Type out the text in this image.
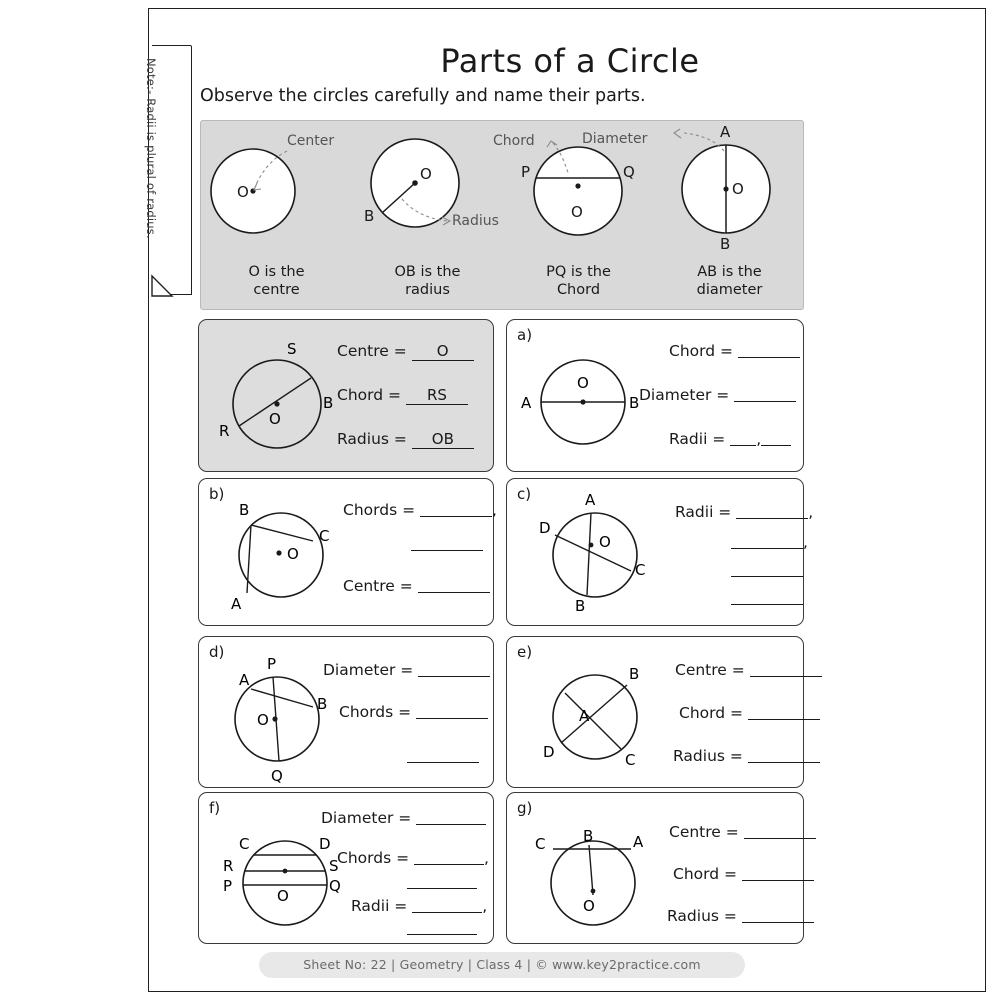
Note:- Radii is plural of radius.	Parts of a Circle
Observe the circles carefully and name their parts.
O
Center
O is the
centre
O
B	Radius
OB is the
radius
P	Q
O
Chord
PQ is the
Chord
O
A
B
Diameter
AB is the
diameter
S
R
B
O
Centre = O
Chord = RS
Radius = OB
a)
A	B
O
Chord =
Diameter =
Radii = ,
b)
O
B
C
A
Chords =	,
Centre =
c)	A
D
C
B
O
Radii =	,
,
d)
P
A
B
O
Q
Diameter =
Chords =
e)
B
A
C
D
Centre =
Chord =
Radius =
f)
C	D
R	S
P	Q
O
Diameter =
Chords =	,
Radii =	,
g)
C	B	A
O
Centre =
Chord =
Radius =
Sheet No: 22 | Geometry | Class 4 | © www.key2practice.com
